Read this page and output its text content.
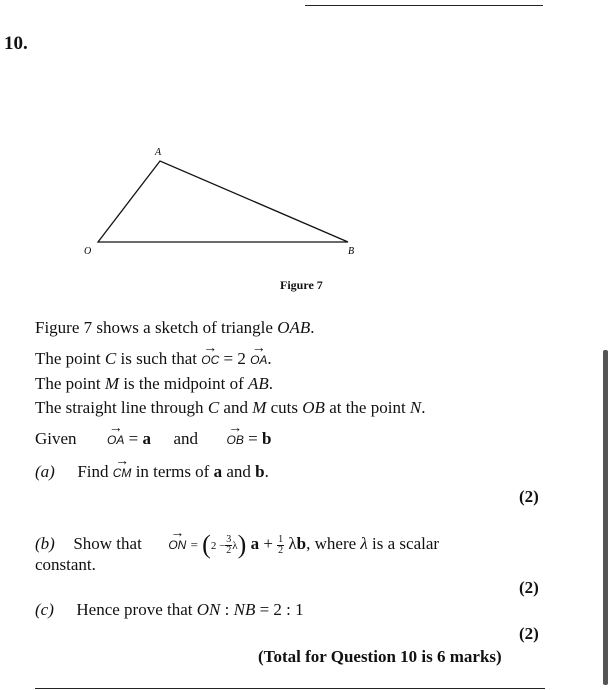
10.
A
O	B
Figure 7
Figure 7 shows a sketch of triangle OAB.
The point C is such that → OC = 2 → OA.
The point M is the midpoint of AB.
The straight line through C and M cuts OB at the point N.
Given	→ OA = a and → OB = b
(a) Find → CM in terms of a and b.
(2)
(b) Show that → ON = $(2 - \frac{3}{2} \lambda)$ $a + \frac{1}{2} \lambda b$, where λ is a scalar
constant.
(2)
(c) Hence prove that ON : NB = 2 : 1
(2)
(Total for Question 10 is 6 marks)
